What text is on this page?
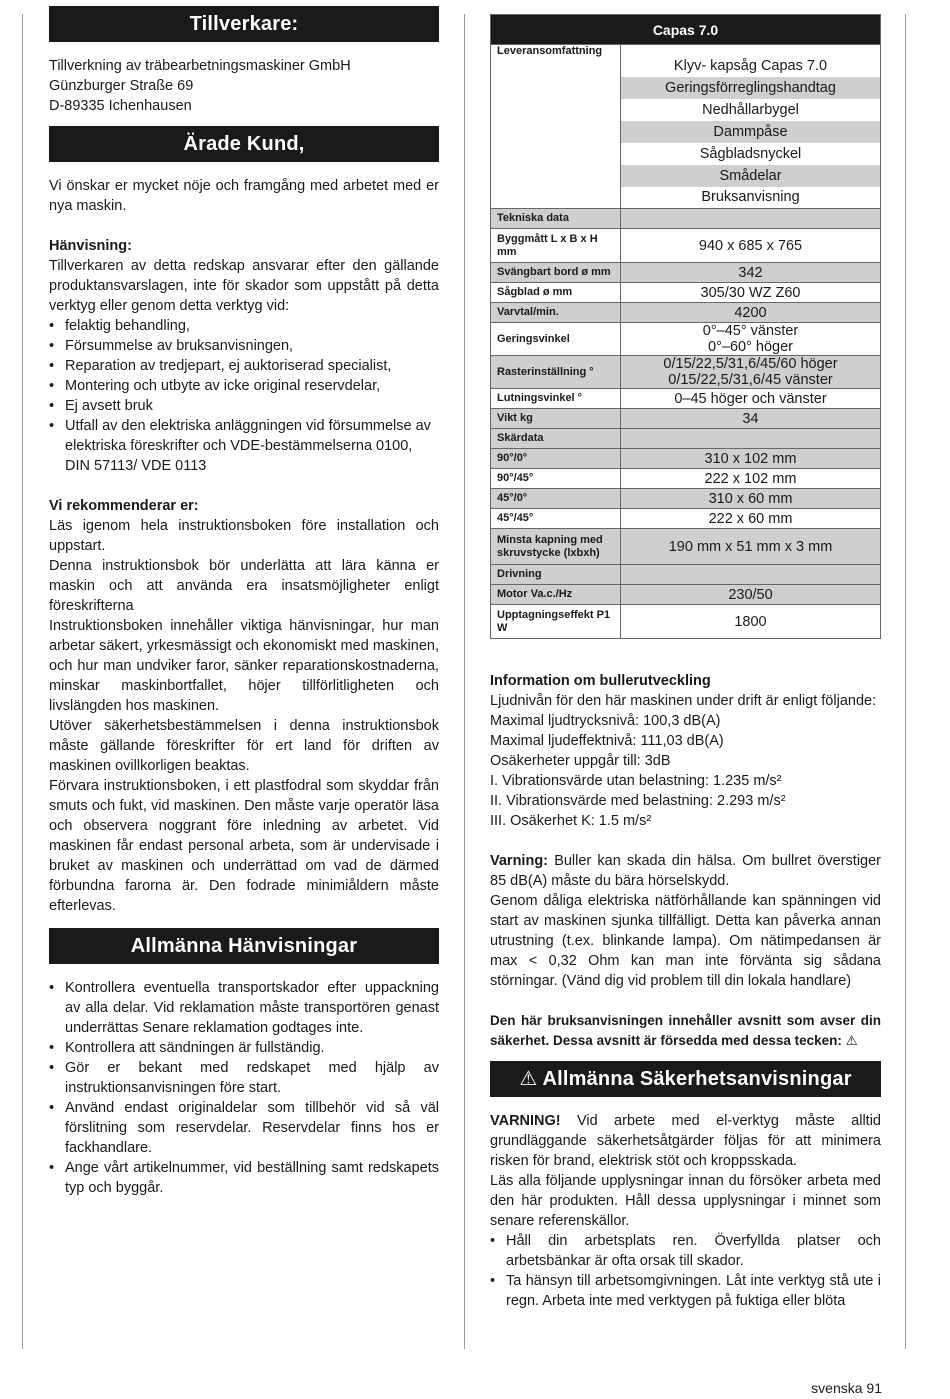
Tillverkare:
Tillverkning av träbearbetningsmaskiner GmbH
Günzburger Straße 69
D-89335 Ichenhausen
Ärade Kund,
Vi önskar er mycket nöje och framgång med arbetet med er nya maskin.
Hänvisning:
Tillverkaren av detta redskap ansvarar efter den gällande produktansvarslagen, inte för skador som uppstått på detta verktyg eller genom detta verktyg vid:
• felaktig behandling,
• Försummelse av bruksanvisningen,
• Reparation av tredjepart, ej auktoriserad specialist,
• Montering och utbyte av icke original reservdelar,
• Ej avsett bruk
• Utfall av den elektriska anläggningen vid försummelse av elektriska föreskrifter och VDE-bestämmelserna 0100, DIN 57113/ VDE 0113
Vi rekommenderar er:
Läs igenom hela instruktionsboken före installation och uppstart.
Denna instruktionsbok bör underlätta att lära känna er maskin och att använda era insatsmöjligheter enligt föreskrifterna
Instruktionsboken innehåller viktiga hänvisningar, hur man arbetar säkert, yrkesmässigt och ekonomiskt med maskinen, och hur man undviker faror, sänker reparationskostnaderna, minskar maskinbortfallet, höjer tillförlitligheten och livslängden hos maskinen.
Utöver säkerhetsbestämmelsen i denna instruktionsbok måste gällande föreskrifter för ert land för driften av maskinen ovillkorligen beaktas.
Förvara instruktionsboken, i ett plastfodral som skyddar från smuts och fukt, vid maskinen. Den måste varje operatör läsa och observera noggrant före inledning av arbetet. Vid maskinen får endast personal arbeta, som är undervisade i bruket av maskinen och underrättad om vad de därmed förbundna farorna är. Den fodrade minimiåldern måste efterlevas.
Allmänna Hänvisningar
• Kontrollera eventuella transportskador efter uppackning av alla delar. Vid reklamation måste transportören genast underrättas Senare reklamation godtages inte.
• Kontrollera att sändningen är fullständig.
• Gör er bekant med redskapet med hjälp av instruktionsanvisningen före start.
• Använd endast originaldelar som tillbehör vid så väl förslitning som reservdelar. Reservdelar finns hos er fackhandlare.
• Ange vårt artikelnummer, vid beställning samt redskapets typ och byggår.
Capas 7.0	
Leveransomfattning	
	Klyv- kapsåg Capas 7.0
	Geringsförreglingshandtag
	Nedhållarbygel
	Dammpåse
	Sågbladsnyckel
	Smådelar
	Bruksanvisning
Tekniska data	
Byggmått L x B x H mm	940 x 685 x 765
Svängbart bord ø mm	342
Sågblad ø mm	305/30 WZ Z60
Varvtal/min.	4200
Geringsvinkel	0°–45° vänster
0°–60° höger
Rasterinställning °	0/15/22,5/31,6/45/60 höger
0/15/22,5/31,6/45 vänster
Lutningsvinkel °	0–45 höger och vänster
Vikt kg	34
Skärdata	
90°/0°	310 x 102 mm
90°/45°	222 x 102 mm
45°/0°	310 x 60 mm
45°/45°	222 x 60 mm
Minsta kapning med skruvstycke (lxbxh)	190 mm x 51 mm x 3 mm
Drivning	
Motor Va.c./Hz	230/50
Upptagningseffekt P1 W	1800
Information om bullerutveckling
Ljudnivån för den här maskinen under drift är enligt följande:
Maximal ljudtrycksnivå: 100,3 dB(A)
Maximal ljudeffektnivå: 111,03 dB(A)
Osäkerheter uppgår till: 3dB
I. Vibrationsvärde utan belastning: 1.235 m/s²
II. Vibrationsvärde med belastning: 2.293 m/s²
III. Osäkerhet K: 1.5 m/s²
Varning: Buller kan skada din hälsa. Om bullret överstiger 85 dB(A) måste du bära hörselskydd.
Genom dåliga elektriska nätförhållande kan spänningen vid start av maskinen sjunka tillfälligt. Detta kan påverka annan utrustning (t.ex. blinkande lampa). Om nätimpedansen är max < 0,32 Ohm kan man inte förvänta sig sådana störningar. (Vänd dig vid problem till din lokala handlare)
Den här bruksanvisningen innehåller avsnitt som avser din säkerhet. Dessa avsnitt är försedda med dessa tecken: ⚠
⚠ Allmänna Säkerhetsanvisningar
VARNING! Vid arbete med el-verktyg måste alltid grundläggande säkerhetsåtgärder följas för att minimera risken för brand, elektrisk stöt och kroppsskada.
Läs alla följande upplysningar innan du försöker arbeta med den här produkten. Håll dessa upplysningar i minnet som senare referenskällor.
• Håll din arbetsplats ren. Överfyllda platser och arbetsbänkar är ofta orsak till skador.
• Ta hänsyn till arbetsomgivningen. Låt inte verktyg stå ute i regn. Arbeta inte med verktygen på fuktiga eller blöta
svenska 91
